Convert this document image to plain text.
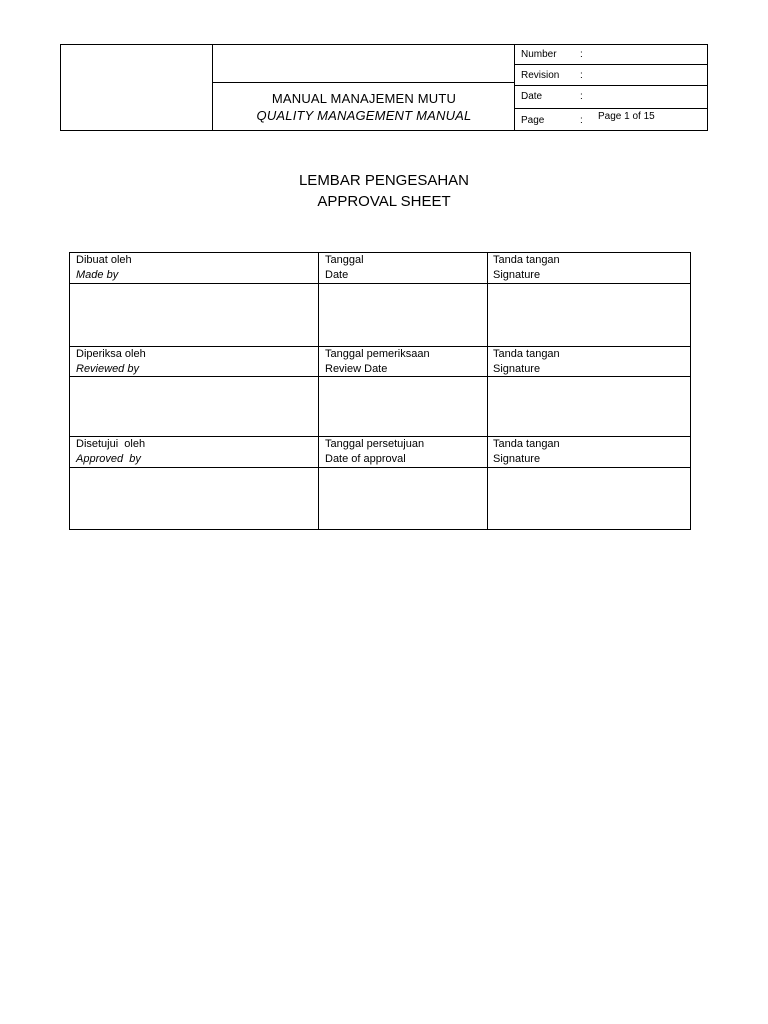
MANUAL MANAJEMEN MUTU
QUALITY MANAGEMENT MANUAL
Number :
Revision :
Date	:
Page	: Page 1 of 15
LEMBAR PENGESAHAN
APPROVAL SHEET
Dibuat oleh
Made by
Tanggal
Date
Tanda tangan
Signature
Diperiksa oleh
Reviewed by
Tanggal pemeriksaan
Review Date
Tanda tangan
Signature
Disetujui  oleh
Approved  by
Tanggal persetujuan
Date of approval
Tanda tangan
Signature
